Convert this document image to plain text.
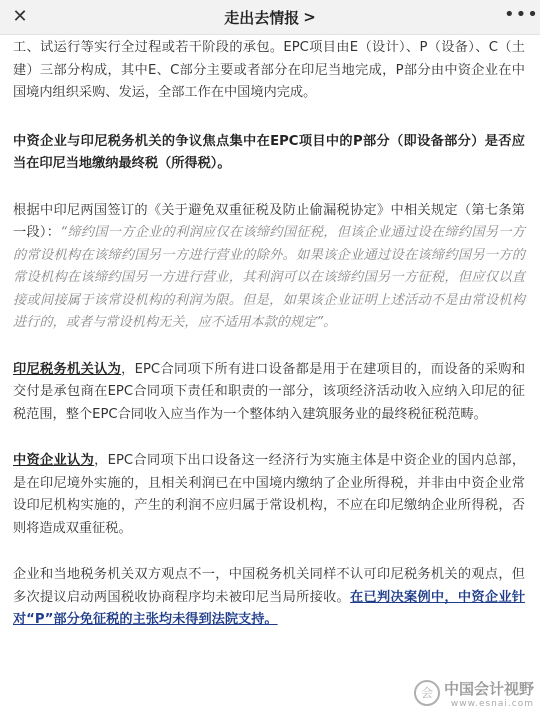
✕	走出去情报 >	•••

工、试运行等实行全过程或若干阶段的承包。EPC项目由E（设计）、P（设备）、C（土建）三部分构成，其中E、C部分主要或者部分在印尼当地完成，P部分由中资企业在中国境内组织采购、发运，全部工作在中国境内完成。

中资企业与印尼税务机关的争议焦点集中在EPC项目中的P部分（即设备部分）是否应当在印尼当地缴纳最终税（所得税）。

根据中印尼两国签订的《关于避免双重征税及防止偷漏税协定》中相关规定（第七条第一段）：“缔约国一方企业的利润应仅在该缔约国征税，但该企业通过设在缔约国另一方的常设机构在该缔约国另一方进行营业的除外。如果该企业通过设在该缔约国另一方的常设机构在该缔约国另一方进行营业，其利润可以在该缔约国另一方征税，但应仅以直接或间接属于该常设机构的利润为限。但是，如果该企业证明上述活动不是由常设机构进行的，或者与常设机构无关，应不适用本款的规定”。

印尼税务机关认为，EPC合同项下所有进口设备都是用于在建项目的，而设备的采购和交付是承包商在EPC合同项下责任和职责的一部分，该项经济活动收入应纳入印尼的征税范围，整个EPC合同收入应当作为一个整体纳入建筑服务业的最终税征税范畴。

中资企业认为，EPC合同项下出口设备这一经济行为实施主体是中资企业的国内总部，是在印尼境外实施的，且相关利润已在中国境内缴纳了企业所得税，并非由中资企业常设印尼机构实施的，产生的利润不应归属于常设机构，不应在印尼缴纳企业所得税，否则将造成双重征税。

企业和当地税务机关双方观点不一，中国税务机关同样不认可印尼税务机关的观点，但多次提议启动两国税收协商程序均未被印尼当局所接收。在已判决案例中，中资企业针对“P”部分免征税的主张均未得到法院支持。

会 中国会计视野
www.esnai.com
